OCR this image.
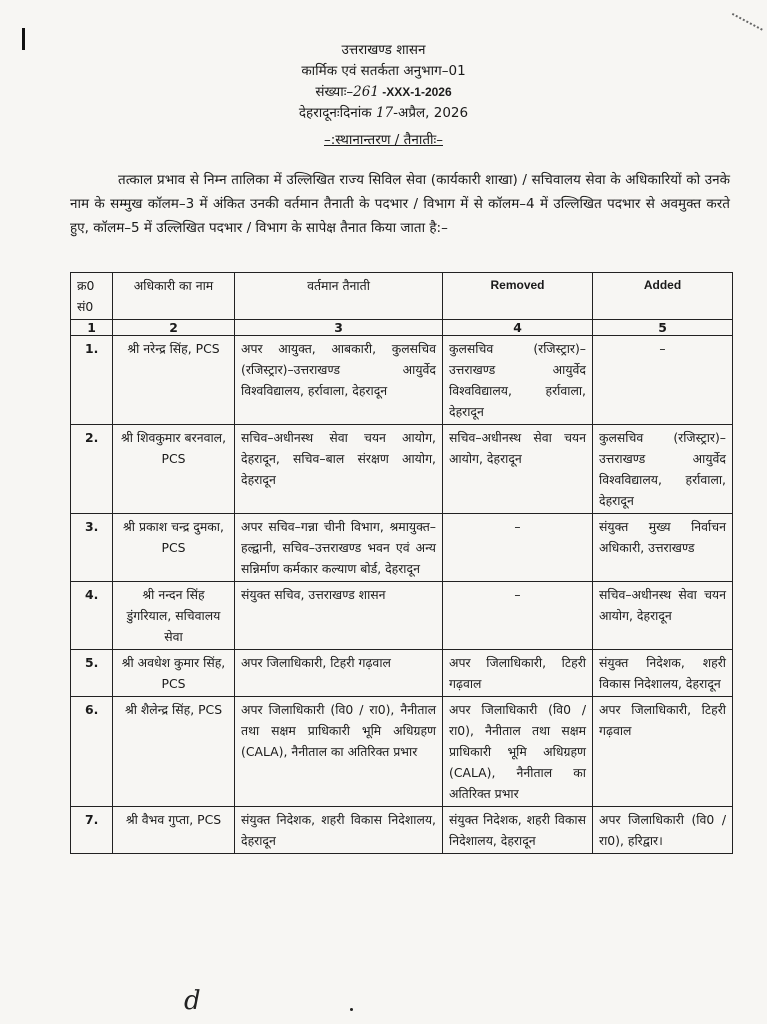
उत्तराखण्ड शासन
कार्मिक एवं सतर्कता अनुभाग–01
संख्याः–261 -XXX-1-2026
देहरादूनःदिनांक 17-अप्रैल, 2026
–:स्थानान्तरण / तैनातीः–
तत्काल प्रभाव से निम्न तालिका में उल्लिखित राज्य सिविल सेवा (कार्यकारी शाखा) / सचिवालय सेवा के अधिकारियों को उनके नाम के सम्मुख कॉलम–3 में अंकित उनकी वर्तमान तैनाती के पदभार / विभाग में से कॉलम–4 में उल्लिखित पदभार से अवमुक्त करते हुए, कॉलम–5 में उल्लिखित पदभार / विभाग के सापेक्ष तैनात किया जाता है:–
क्र0 सं0	अधिकारी का नाम	वर्तमान तैनाती	Removed	Added
1	2	3	4	5
1.	श्री नरेन्द्र सिंह, PCS	अपर आयुक्त, आबकारी, कुलसचिव (रजिस्ट्रार)–उत्तराखण्ड आयुर्वेद विश्वविद्यालय, हर्रावाला, देहरादून	कुलसचिव (रजिस्ट्रार)–उत्तराखण्ड आयुर्वेद विश्वविद्यालय, हर्रावाला, देहरादून	–
2.	श्री शिवकुमार बरनवाल, PCS	सचिव–अधीनस्थ सेवा चयन आयोग, देहरादून, सचिव–बाल संरक्षण आयोग, देहरादून	सचिव–अधीनस्थ सेवा चयन आयोग, देहरादून	कुलसचिव (रजिस्ट्रार)–उत्तराखण्ड आयुर्वेद विश्वविद्यालय, हर्रावाला, देहरादून
3.	श्री प्रकाश चन्द्र दुमका, PCS	अपर सचिव–गन्ना चीनी विभाग, श्रमायुक्त–हल्द्वानी, सचिव–उत्तराखण्ड भवन एवं अन्य सन्निर्माण कर्मकार कल्याण बोर्ड, देहरादून	–	संयुक्त मुख्य निर्वाचन अधिकारी, उत्तराखण्ड
4.	श्री नन्दन सिंह डुंगरियाल, सचिवालय सेवा	संयुक्त सचिव, उत्तराखण्ड शासन	–	सचिव–अधीनस्थ सेवा चयन आयोग, देहरादून
5.	श्री अवधेश कुमार सिंह, PCS	अपर जिलाधिकारी, टिहरी गढ़वाल	अपर जिलाधिकारी, टिहरी गढ़वाल	संयुक्त निदेशक, शहरी विकास निदेशालय, देहरादून
6.	श्री शैलेन्द्र सिंह, PCS	अपर जिलाधिकारी (वि0 / रा0), नैनीताल तथा सक्षम प्राधिकारी भूमि अधिग्रहण (CALA), नैनीताल का अतिरिक्त प्रभार	अपर जिलाधिकारी (वि0 / रा0), नैनीताल तथा सक्षम प्राधिकारी भूमि अधिग्रहण (CALA), नैनीताल का अतिरिक्त प्रभार	अपर जिलाधिकारी, टिहरी गढ़वाल
7.	श्री वैभव गुप्ता, PCS	संयुक्त निदेशक, शहरी विकास निदेशालय, देहरादून	संयुक्त निदेशक, शहरी विकास निदेशालय, देहरादून	अपर जिलाधिकारी (वि0 / रा0), हरिद्वार।
d
